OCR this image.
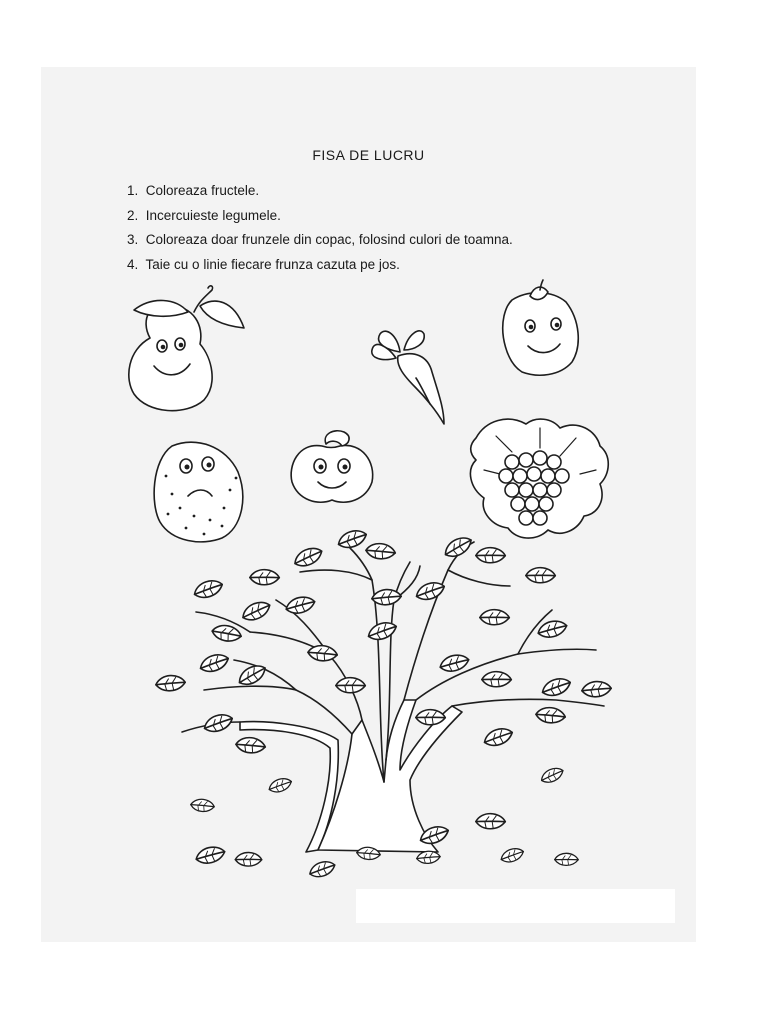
FISA DE LUCRU
1. Coloreaza fructele.
2. Incercuieste legumele.
3. Coloreaza doar frunzele din copac, folosind culori de toamna.
4. Taie cu o linie fiecare frunza cazuta pe jos.
